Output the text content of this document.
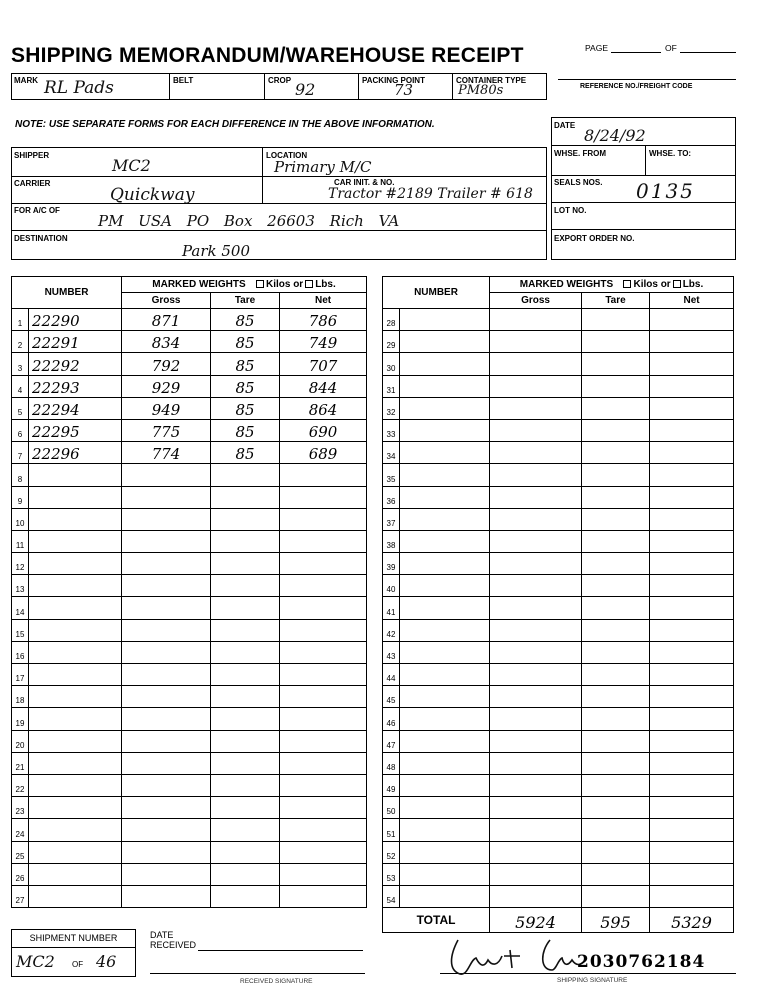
SHIPPING MEMORANDUM/WAREHOUSE RECEIPT	PAGE	OF
REFERENCE NO./FREIGHT CODE
MARK RL Pads	BELT	CROP 92	PACKING POINT
73
CONTAINER TYPE
PM80s
NOTE: USE SEPARATE FORMS FOR EACH DIFFERENCE IN THE ABOVE INFORMATION.
SHIPPER
MC2
LOCATION
Primary M/C
CARRIER
Quickway
CAR INIT. & NO.
Tractor #2189 Trailer # 618
FOR A/C OF
PM USA PO Box 26603 Rich VA
DESTINATION
Park 500
DATE
8/24/92
WHSE. FROM	WHSE. TO:
SEALS NOS. 0135
LOT NO.
EXPORT ORDER NO.
NUMBER		MARKED WEIGHTS Kilos or Lbs.		
		Gross	Tare	Net
1	22290	871	85	786
2	22291	834	85	749
3	22292	792	85	707
4	22293	929	85	844
5	22294	949	85	864
6	22295	775	85	690
7	22296	774	85	689
8				
9				
10				
11				
12				
13				
14				
15				
16				
17				
18				
19				
20				
21				
22				
23				
24				
25				
26				
27				
NUMBER		MARKED WEIGHTS Kilos or Lbs.		
		Gross	Tare	Net
28				
29				
30				
31				
32				
33				
34				
35				
36				
37				
38				
39				
40				
41				
42				
43				
44				
45				
46				
47				
48				
49				
50				
51				
52				
53				
54				
TOTAL		5924	595	5329
SHIPMENT NUMBER
MC2 OF 46
DATE
RECEIVED
RECEIVED SIGNATURE
2030762184
SHIPPING SIGNATURE
